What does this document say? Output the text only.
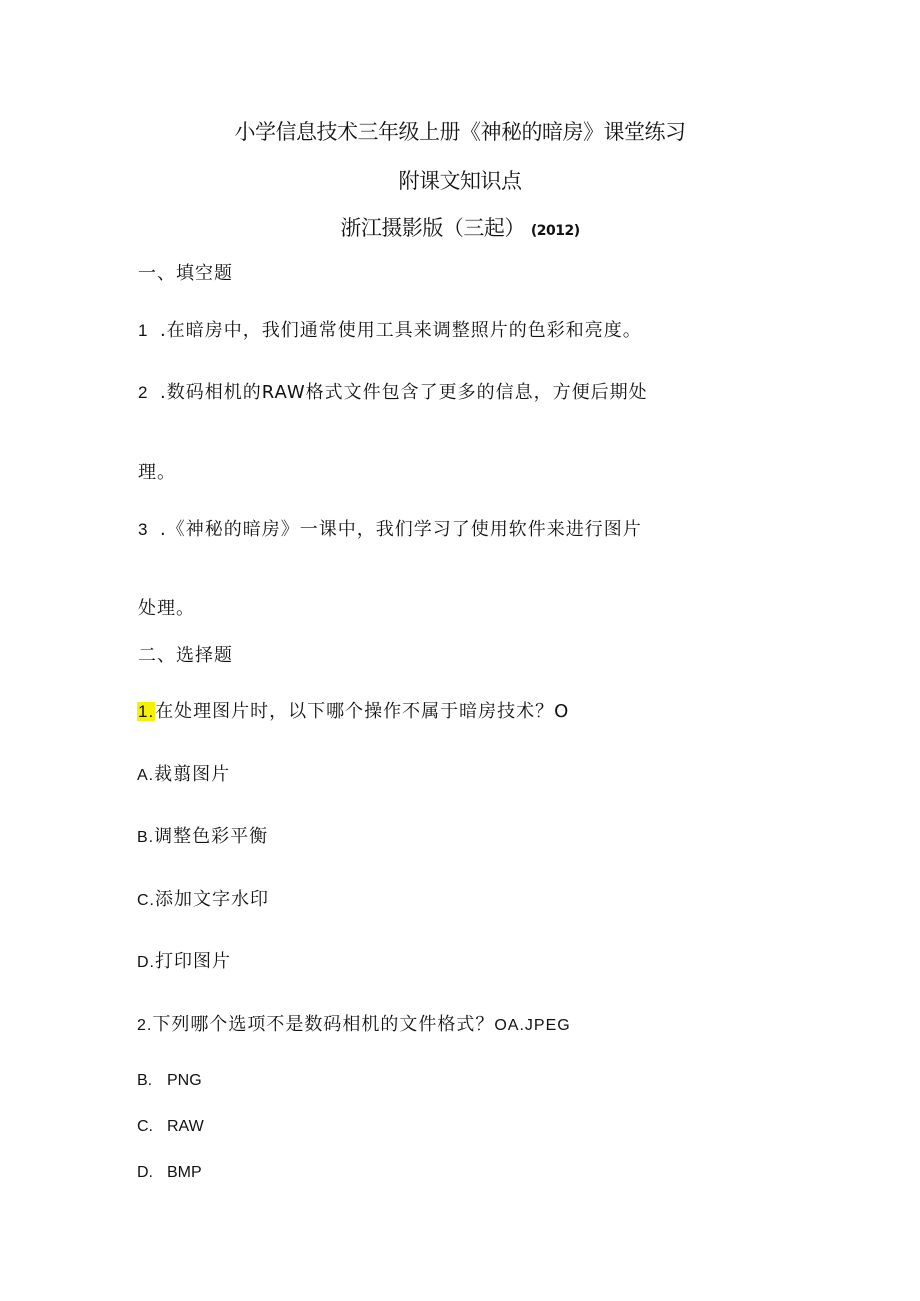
小学信息技术三年级上册《神秘的暗房》课堂练习
附课文知识点
浙江摄影版（三起） (2012)
一、填空题
1 .在暗房中，我们通常使用工具来调整照片的色彩和亮度。
2 .数码相机的RAW格式文件包含了更多的信息，方便后期处
理。
3 .《神秘的暗房》一课中，我们学习了使用软件来进行图片
处理。
二、选择题
1.在处理图片时，以下哪个操作不属于暗房技术？O
A.裁翦图片
B.调整色彩平衡
C.添加文字水印
D.打印图片
2.下列哪个选项不是数码相机的文件格式？OA.JPEG
B. PNG
C. RAW
D. BMP
